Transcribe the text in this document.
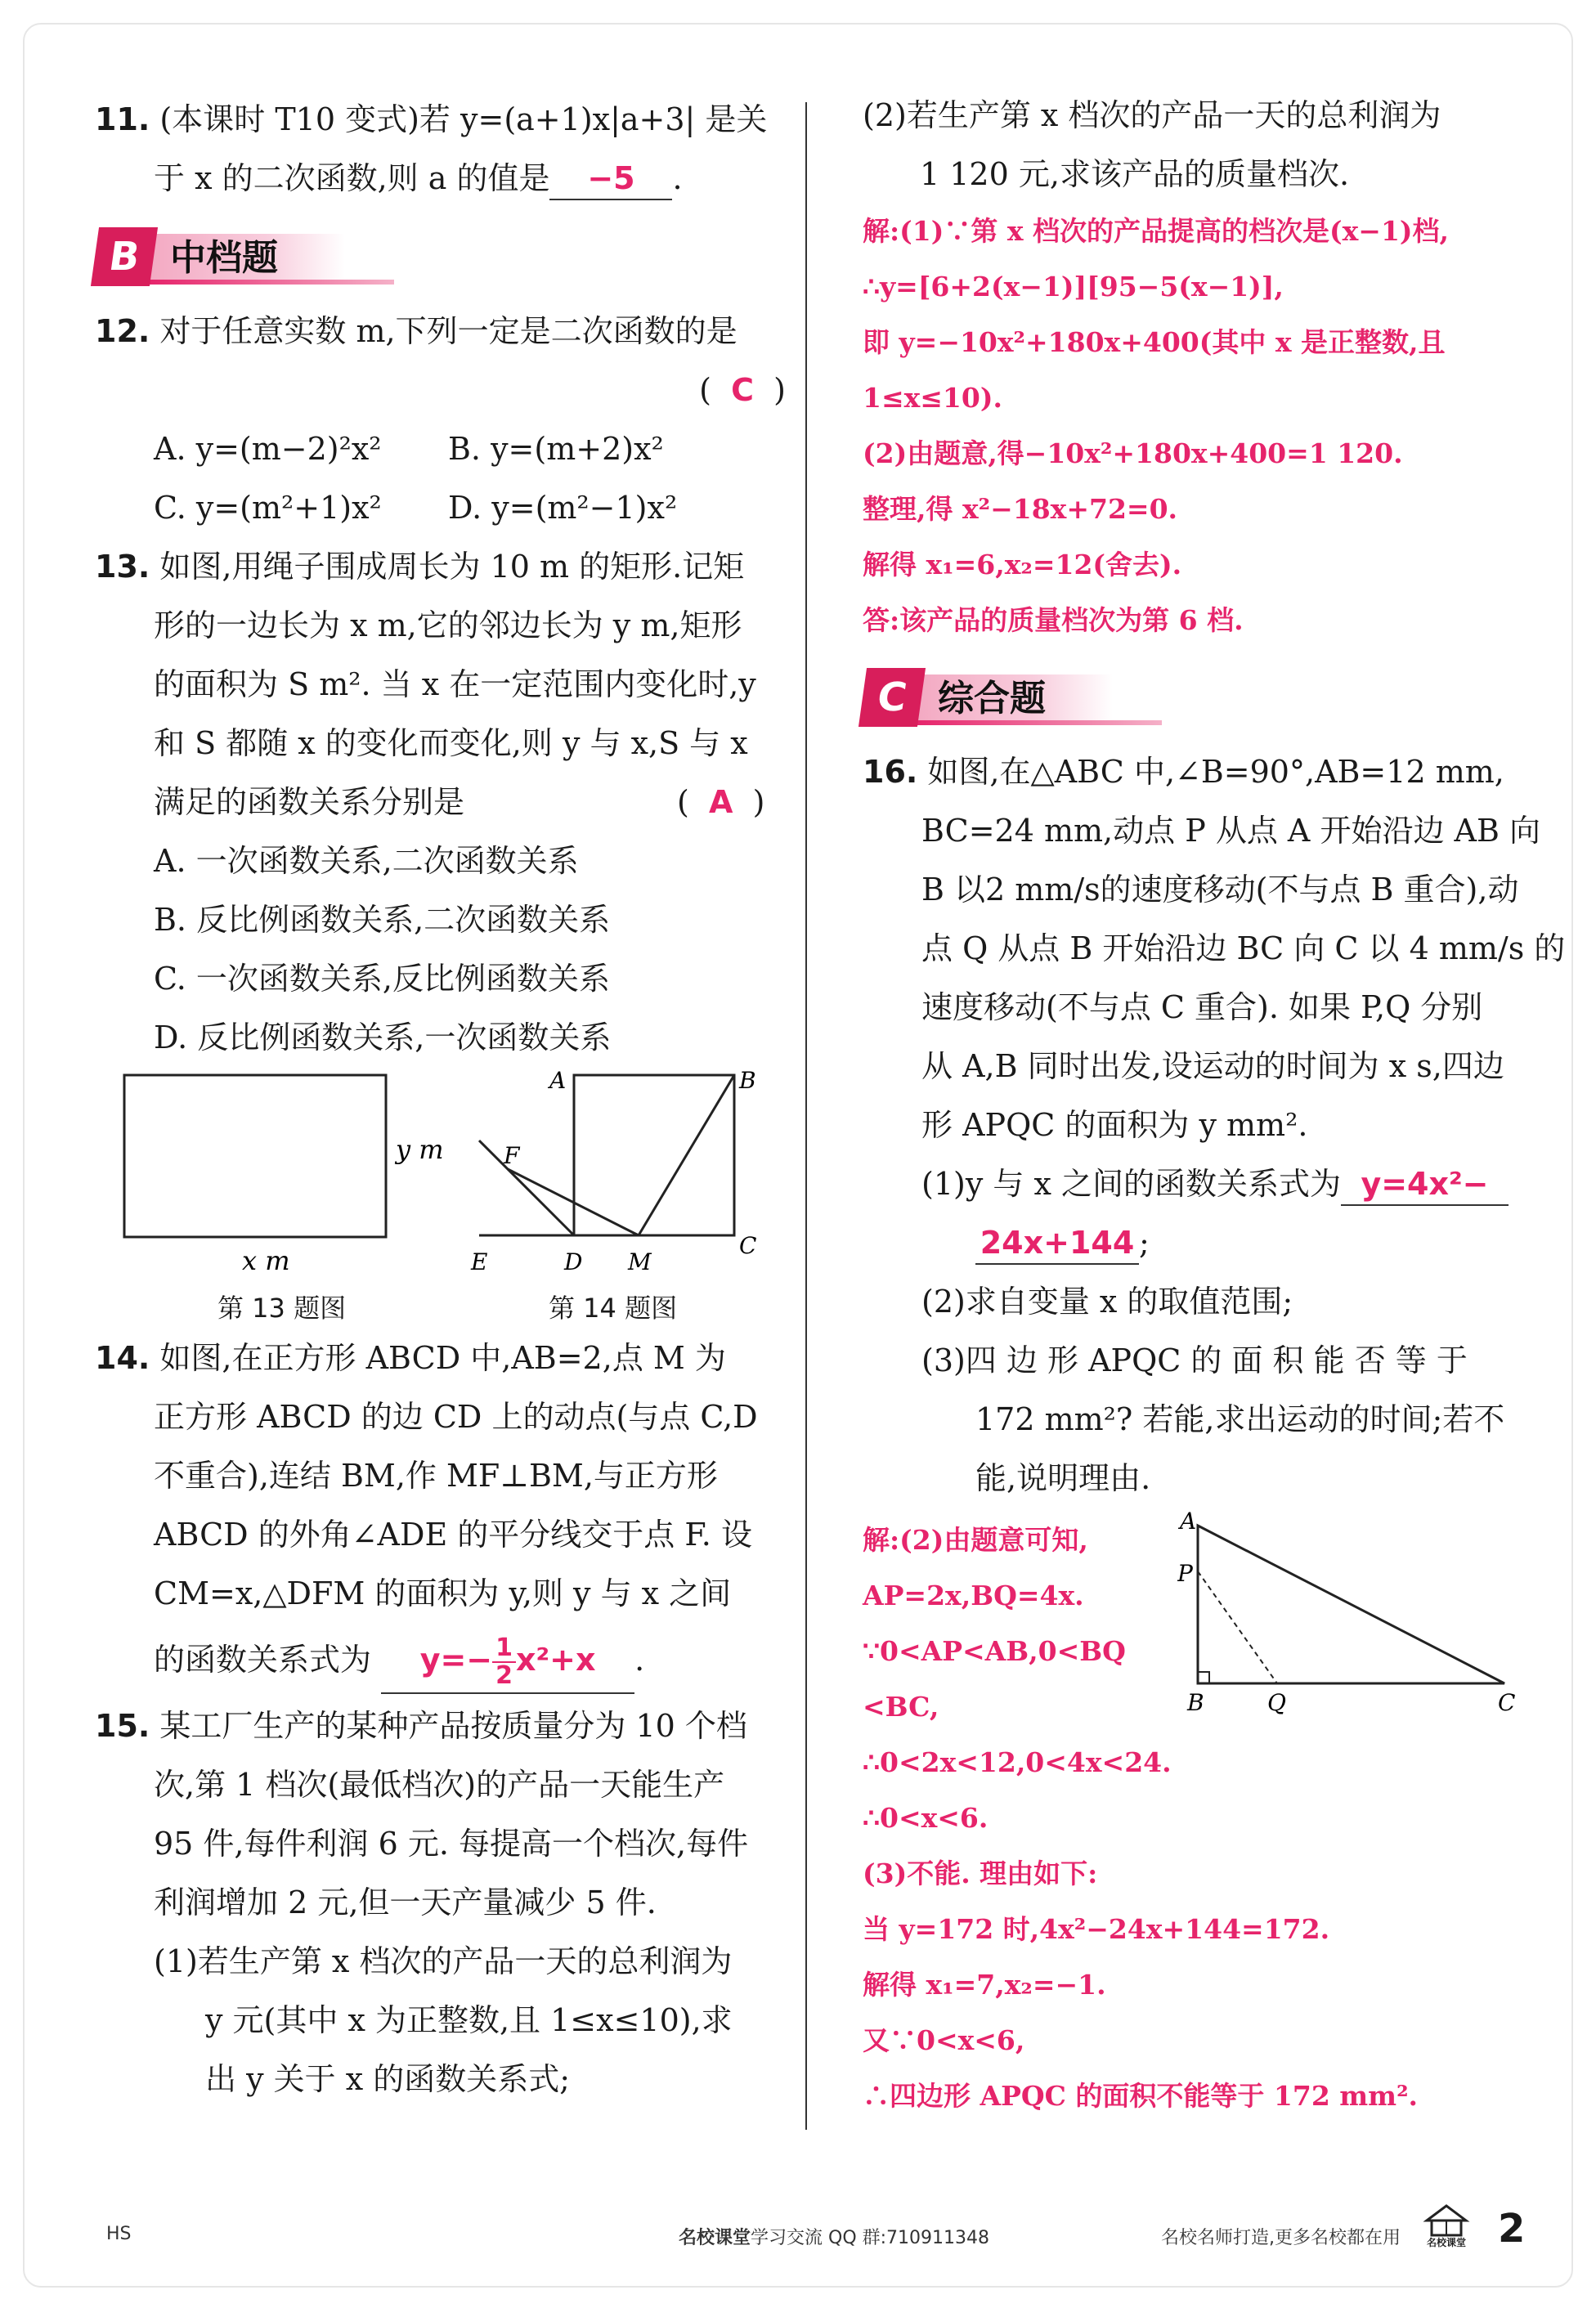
11. (本课时 T10 变式)若 y=(a+1)x|a+3| 是关
于 x 的二次函数,则 a 的值是 −5 .
B 中档题
12. 对于任意实数 m,下列一定是二次函数的是
(  C  )
A. y=(m−2)²x² B. y=(m+2)x²
C. y=(m²+1)x² D. y=(m²−1)x²
13. 如图,用绳子围成周长为 10 m 的矩形.记矩
形的一边长为 x m,它的邻边长为 y m,矩形
的面积为 S m². 当 x 在一定范围内变化时,y
和 S 都随 x 的变化而变化,则 y 与 x,S 与 x
满足的函数关系分别是	(  A  )
A. 一次函数关系,二次函数关系
B. 反比例函数关系,二次函数关系
C. 一次函数关系,反比例函数关系
D. 反比例函数关系,一次函数关系
y m
x m
A	B
C
D
E
F
M
第 13 题图	第 14 题图
14. 如图,在正方形 ABCD 中,AB=2,点 M 为
正方形 ABCD 的边 CD 上的动点(与点 C,D
不重合),连结 BM,作 MF⊥BM,与正方形
ABCD 的外角∠ADE 的平分线交于点 F. 设
CM=x,△DFM 的面积为 y,则 y 与 x 之间
的函数关系式为 $y=- \frac{1}{2} x^2+x$ .
15. 某工厂生产的某种产品按质量分为 10 个档
次,第 1 档次(最低档次)的产品一天能生产
95 件,每件利润 6 元. 每提高一个档次,每件
利润增加 2 元,但一天产量减少 5 件.
(1)若生产第 x 档次的产品一天的总利润为
y 元(其中 x 为正整数,且 1≤x≤10),求
出 y 关于 x 的函数关系式;
(2)若生产第 x 档次的产品一天的总利润为
1 120 元,求该产品的质量档次.
解:(1)∵第 x 档次的产品提高的档次是(x−1)档,
∴y=[6+2(x−1)][95−5(x−1)],
即 y=−10x²+180x+400(其中 x 是正整数,且
1≤x≤10).
(2)由题意,得−10x²+180x+400=1 120.
整理,得 x²−18x+72=0.
解得 x₁=6,x₂=12(舍去).
答:该产品的质量档次为第 6 档.
C 综合题
16. 如图,在△ABC 中,∠B=90°,AB=12 mm,
BC=24 mm,动点 P 从点 A 开始沿边 AB 向
B 以2 mm/s的速度移动(不与点 B 重合),动
点 Q 从点 B 开始沿边 BC 向 C 以 4 mm/s 的
速度移动(不与点 C 重合). 如果 P,Q 分别
从 A,B 同时出发,设运动的时间为 x s,四边
形 APQC 的面积为 y mm².
(1)y 与 x 之间的函数关系式为 y=4x²−
24x+144 ;
(2)求自变量 x 的取值范围;
(3)四 边 形 APQC 的 面 积 能 否 等 于
172 mm²? 若能,求出运动的时间;若不
能,说明理由.
A
P
B	Q	C
解:(2)由题意可知,
AP=2x,BQ=4x.
∵0<AP<AB,0<BQ
<BC,
∴0<2x<12,0<4x<24.
∴0<x<6.
(3)不能. 理由如下:
当 y=172 时,4x²−24x+144=172.
解得 x₁=7,x₂=−1.
又∵0<x<6,
∴四边形 APQC 的面积不能等于 172 mm².
HS	名校课堂学习交流 QQ 群:710911348	名校名师打造,更多名校都在用	名校课堂 2
